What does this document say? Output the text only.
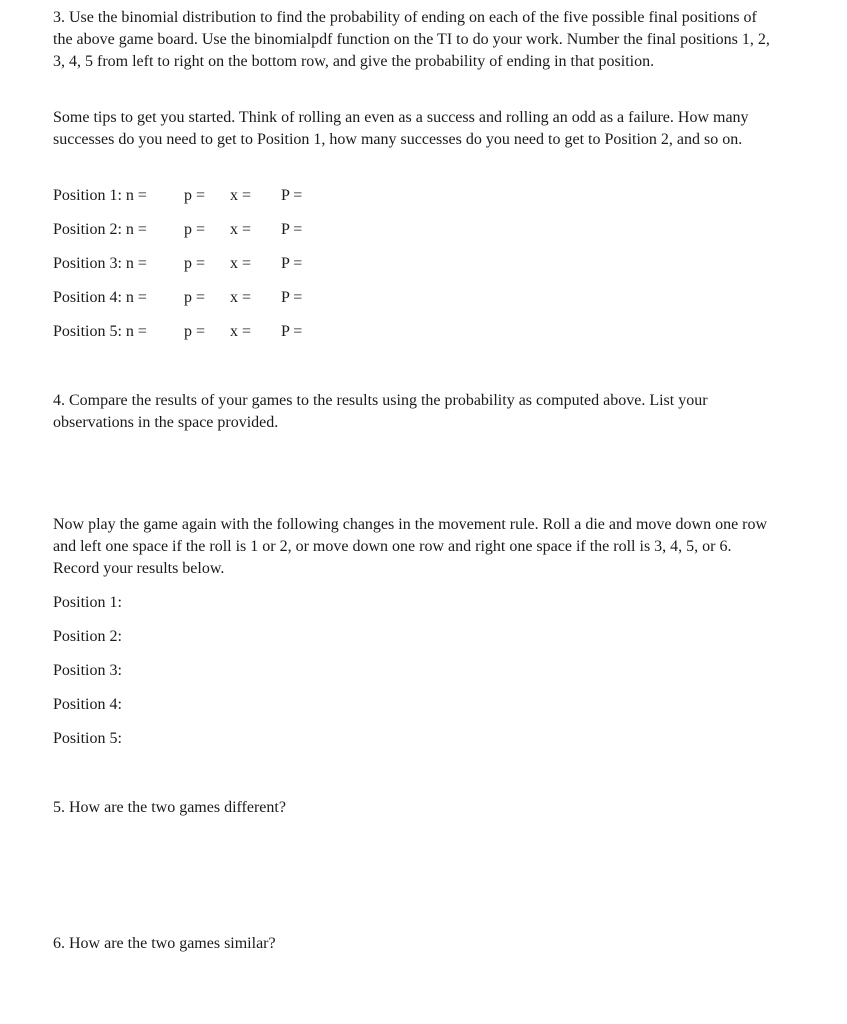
3. Use the binomial distribution to find the probability of ending on each of the five possible final positions of the above game board. Use the binomialpdf function on the TI to do your work. Number the final positions 1, 2, 3, 4, 5 from left to right on the bottom row, and give the probability of ending in that position.

Some tips to get you started. Think of rolling an even as a success and rolling an odd as a failure. How many successes do you need to get to Position 1, how many successes do you need to get to Position 2, and so on.

Position 1: n = p = x = P =
Position 2: n = p = x = P =
Position 3: n = p = x = P =
Position 4: n = p = x = P =
Position 5: n = p = x = P =

4. Compare the results of your games to the results using the probability as computed above. List your observations in the space provided.

Now play the game again with the following changes in the movement rule. Roll a die and move down one row and left one space if the roll is 1 or 2, or move down one row and right one space if the roll is 3, 4, 5, or 6. Record your results below.

Position 1:
Position 2:
Position 3:
Position 4:
Position 5:

5. How are the two games different?

6. How are the two games similar?
